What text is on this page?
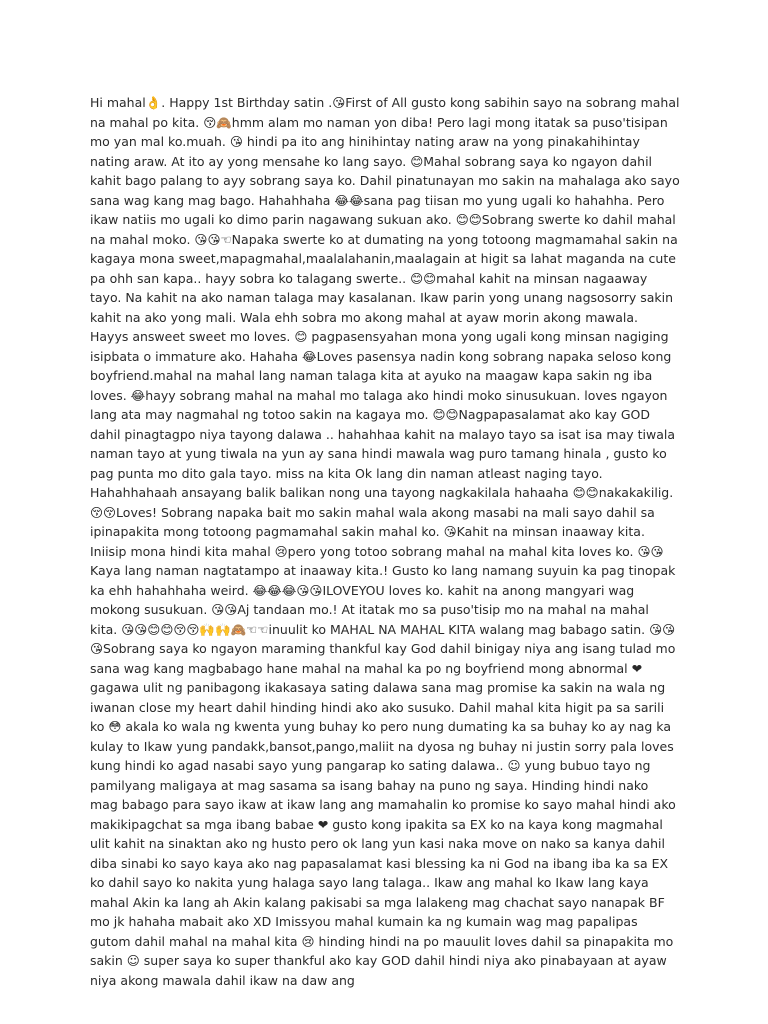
Hi mahal👌. Happy 1st Birthday satin .😘First of All gusto kong sabihin sayo na sobrang mahal na mahal po kita. 😚🙈hmm alam mo naman yon diba! Pero lagi mong itatak sa puso'tisipan mo yan mal ko.muah. 😘 hindi pa ito ang hinihintay nating araw na yong pinakahihintay nating araw. At ito ay yong mensahe ko lang sayo. 😊Mahal sobrang saya ko ngayon dahil kahit bago palang to ayy sobrang saya ko. Dahil pinatunayan mo sakin na mahalaga ako sayo sana wag kang mag bago. Hahahhaha 😂😂sana pag tiisan mo yung ugali ko hahahha. Pero ikaw natiis mo ugali ko dimo parin nagawang sukuan ako. 😊😊Sobrang swerte ko dahil mahal na mahal moko. 😘😘☜Napaka swerte ko at dumating na yong totoong magmamahal sakin na kagaya mona sweet,mapagmahal,maalalahanin,maalagain at higit sa lahat maganda na cute pa ohh san kapa.. hayy sobra ko talagang swerte.. 😊😊mahal kahit na minsan nagaaway tayo. Na kahit na ako naman talaga may kasalanan. Ikaw parin yong unang nagsosorry sakin kahit na ako yong mali. Wala ehh sobra mo akong mahal at ayaw morin akong mawala. Hayys answeet sweet mo loves. 😊 pagpasensyahan mona yong ugali kong minsan nagiging isipbata o immature ako. Hahaha 😂Loves pasensya nadin kong sobrang napaka seloso kong boyfriend.mahal na mahal lang naman talaga kita at ayuko na maagaw kapa sakin ng iba loves. 😂hayy sobrang mahal na mahal mo talaga ako hindi moko sinusukuan. loves ngayon lang ata may nagmahal ng totoo sakin na kagaya mo. 😊😊Nagpapasalamat ako kay GOD dahil pinagtagpo niya tayong dalawa .. hahahhaa kahit na malayo tayo sa isat isa may tiwala naman tayo at yung tiwala na yun ay sana hindi mawala wag puro tamang hinala , gusto ko pag punta mo dito gala tayo. miss na kita Ok lang din naman atleast naging tayo. Hahahhahaah ansayang balik balikan nong una tayong nagkakilala hahaaha 😊😊nakakakilig. 😚😚Loves! Sobrang napaka bait mo sakin mahal wala akong masabi na mali sayo dahil sa ipinapakita mong totoong pagmamahal sakin mahal ko. 😘Kahit na minsan inaaway kita. Iniisip mona hindi kita mahal 😢pero yong totoo sobrang mahal na mahal kita loves ko. 😘😘Kaya lang naman nagtatampo at inaaway kita.! Gusto ko lang namang suyuin ka pag tinopak ka ehh hahahhaha weird. 😂😂😂😘😘ILOVEYOU loves ko. kahit na anong mangyari wag mokong susukuan. 😘😘Aj tandaan mo.! At itatak mo sa puso'tisip mo na mahal na mahal kita. 😘😘😊😊😚😚🙌🙌🙈☜☜inuulit ko MAHAL NA MAHAL KITA walang mag babago satin. 😘😘😘Sobrang saya ko ngayon maraming thankful kay God dahil binigay niya ang isang tulad mo sana wag kang magbabago hane mahal na mahal ka po ng boyfriend mong abnormal ❤ gagawa ulit ng panibagong ikakasaya sating dalawa sana mag promise ka sakin na wala ng iwanan close my heart dahil hinding hindi ako ako susuko. Dahil mahal kita higit pa sa sarili ko 😳 akala ko wala ng kwenta yung buhay ko pero nung dumating ka sa buhay ko ay nag ka kulay to Ikaw yung pandakk,bansot,pango,maliit na dyosa ng buhay ni justin sorry pala loves kung hindi ko agad nasabi sayo yung pangarap ko sating dalawa.. ☺ yung bubuo tayo ng pamilyang maligaya at mag sasama sa isang bahay na puno ng saya. Hinding hindi nako mag babago para sayo ikaw at ikaw lang ang mamahalin ko promise ko sayo mahal hindi ako makikipagchat sa mga ibang babae ❤ gusto kong ipakita sa EX ko na kaya kong magmahal ulit kahit na sinaktan ako ng husto pero ok lang yun kasi naka move on nako sa kanya dahil diba sinabi ko sayo kaya ako nag papasalamat kasi blessing ka ni God na ibang iba ka sa EX ko dahil sayo ko nakita yung halaga sayo lang talaga.. Ikaw ang mahal ko Ikaw lang kaya mahal Akin ka lang ah Akin kalang pakisabi sa mga lalakeng mag chachat sayo nanapak BF mo jk hahaha mabait ako XD Imissyou mahal kumain ka ng kumain wag mag papalipas gutom dahil mahal na mahal kita 😢 hinding hindi na po mauulit loves dahil sa pinapakita mo sakin ☺ super saya ko super thankful ako kay GOD dahil hindi niya ako pinabayaan at ayaw niya akong mawala dahil ikaw na daw ang
